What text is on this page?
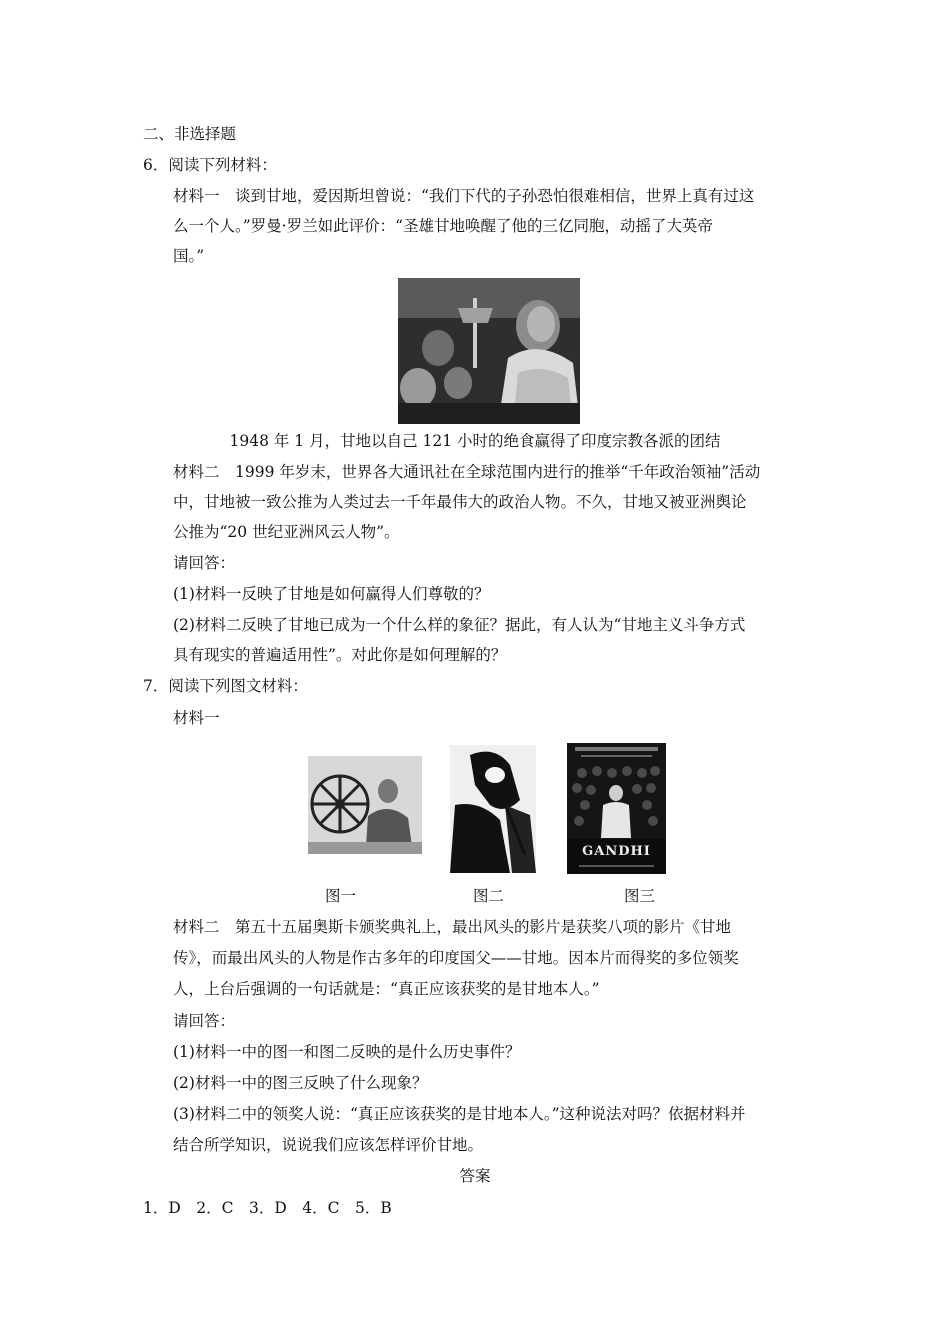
二、非选择题
6．阅读下列材料：
材料一　谈到甘地，爱因斯坦曾说：“我们下代的子孙恐怕很难相信，世界上真有过这
么一个人。”罗曼·罗兰如此评价：“圣雄甘地唤醒了他的三亿同胞，动摇了大英帝
国。”
1948 年 1 月，甘地以自己 121 小时的绝食赢得了印度宗教各派的团结
材料二　1999 年岁末，世界各大通讯社在全球范围内进行的推举“千年政治领袖”活动
中，甘地被一致公推为人类过去一千年最伟大的政治人物。不久，甘地又被亚洲舆论
公推为“20 世纪亚洲风云人物”。
请回答：
(1)材料一反映了甘地是如何赢得人们尊敬的？
(2)材料二反映了甘地已成为一个什么样的象征？据此，有人认为“甘地主义斗争方式
具有现实的普遍适用性”。对此你是如何理解的？
7．阅读下列图文材料：
材料一
GANDHI
图一	图二	图三
材料二　第五十五届奥斯卡颁奖典礼上，最出风头的影片是获奖八项的影片《甘地
传》，而最出风头的人物是作古多年的印度国父——甘地。因本片而得奖的多位领奖
人，上台后强调的一句话就是：“真正应该获奖的是甘地本人。”
请回答：
(1)材料一中的图一和图二反映的是什么历史事件？
(2)材料一中的图三反映了什么现象？
(3)材料二中的领奖人说：“真正应该获奖的是甘地本人。”这种说法对吗？依据材料并
结合所学知识，说说我们应该怎样评价甘地。
答案
1．D　2．C　3．D　4．C　5．B
